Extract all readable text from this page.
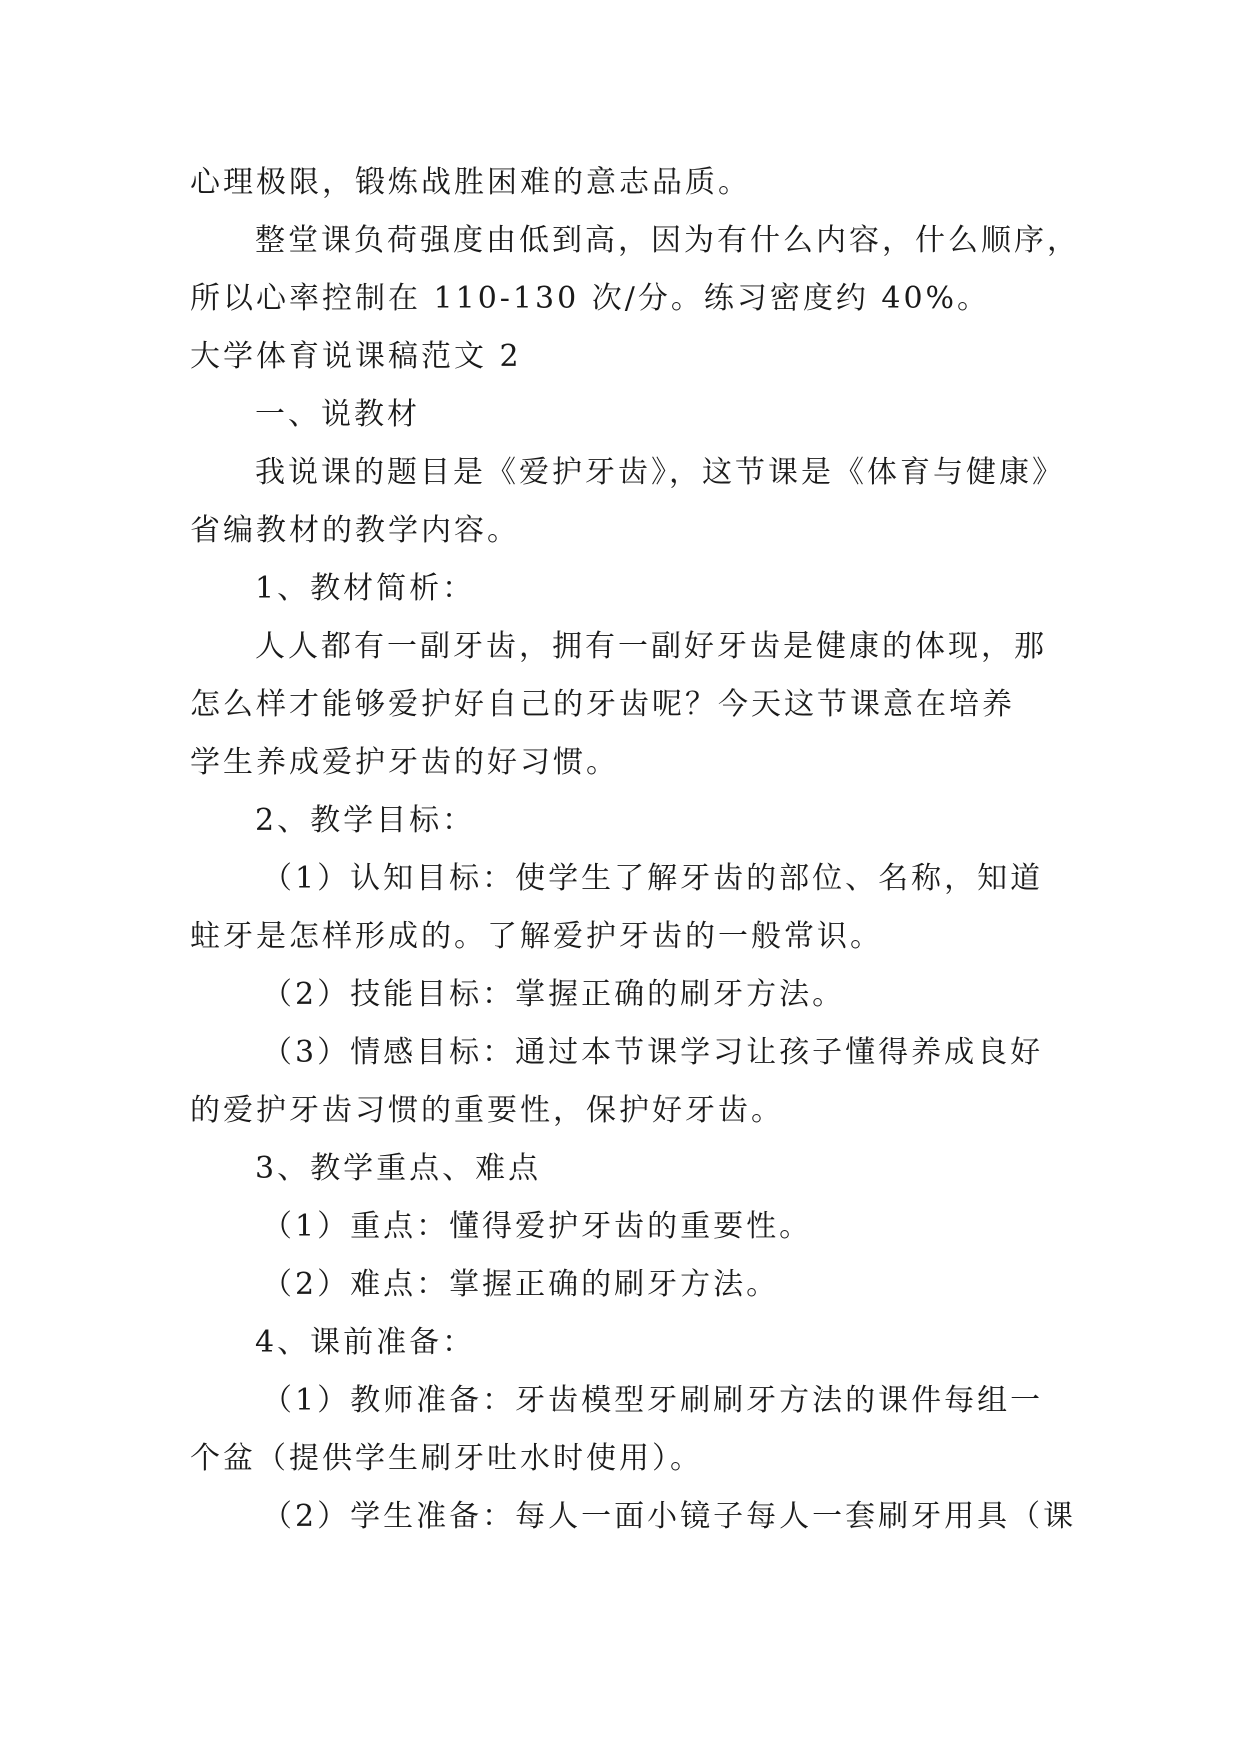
心理极限，锻炼战胜困难的意志品质。
整堂课负荷强度由低到高，因为有什么内容，什么顺序，
所以心率控制在 110-130 次/分。练习密度约 40%。
大学体育说课稿范文 2
一、说教材
我说课的题目是《爱护牙齿》，这节课是《体育与健康》
省编教材的教学内容。
1、教材简析：
人人都有一副牙齿，拥有一副好牙齿是健康的体现，那
怎么样才能够爱护好自己的牙齿呢？今天这节课意在培养
学生养成爱护牙齿的好习惯。
2、教学目标：
（1）认知目标：使学生了解牙齿的部位、名称，知道
蛀牙是怎样形成的。了解爱护牙齿的一般常识。
（2）技能目标：掌握正确的刷牙方法。
（3）情感目标：通过本节课学习让孩子懂得养成良好
的爱护牙齿习惯的重要性，保护好牙齿。
3、教学重点、难点
（1）重点：懂得爱护牙齿的重要性。
（2）难点：掌握正确的刷牙方法。
4、课前准备：
（1）教师准备：牙齿模型牙刷刷牙方法的课件每组一
个盆（提供学生刷牙吐水时使用）。
（2）学生准备：每人一面小镜子每人一套刷牙用具（课
